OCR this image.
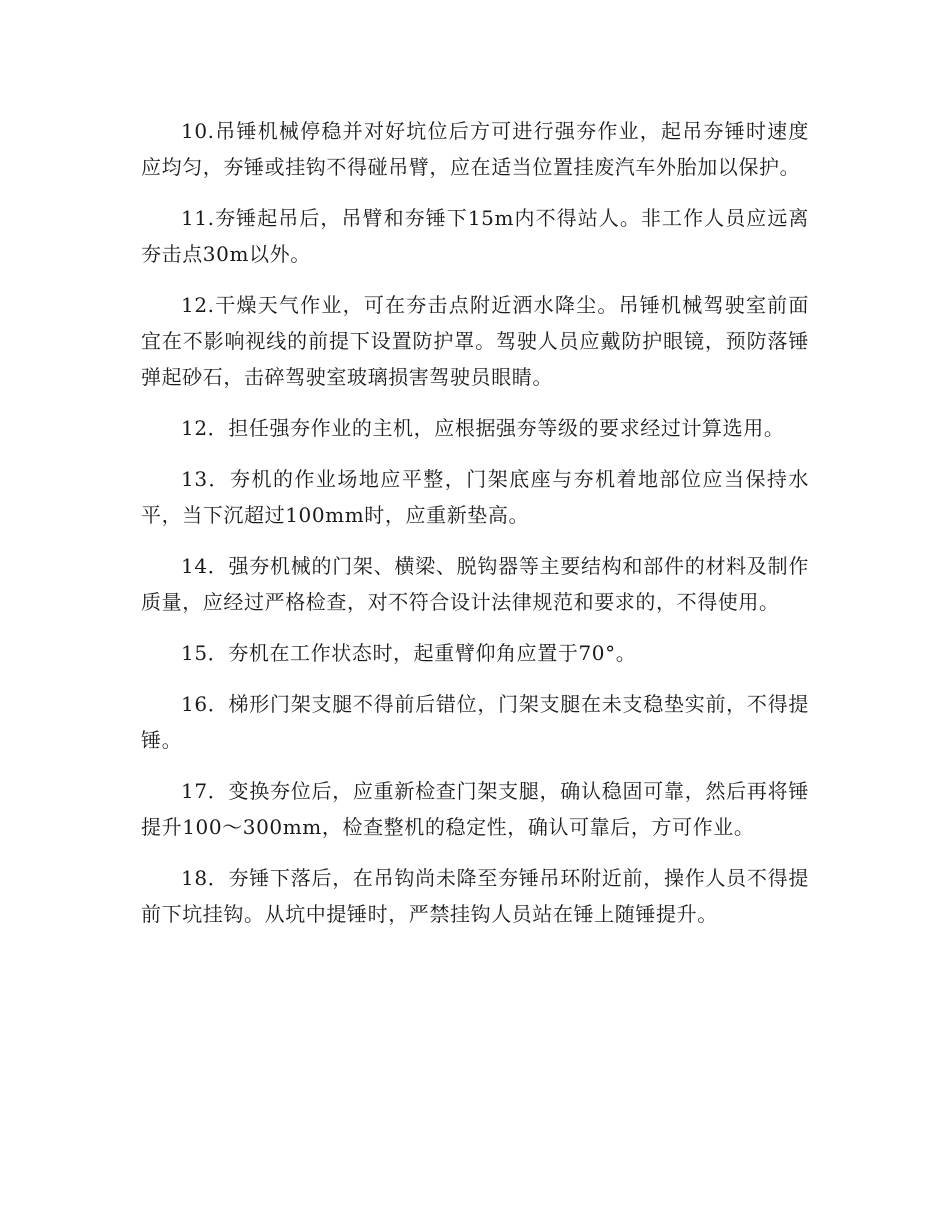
10.吊锤机械停稳并对好坑位后方可进行强夯作业，起吊夯锤时速度应均匀，夯锤或挂钩不得碰吊臂，应在适当位置挂废汽车外胎加以保护。

11.夯锤起吊后，吊臂和夯锤下15m内不得站人。非工作人员应远离夯击点30m以外。

12.干燥天气作业，可在夯击点附近洒水降尘。吊锤机械驾驶室前面宜在不影响视线的前提下设置防护罩。驾驶人员应戴防护眼镜，预防落锤弹起砂石，击碎驾驶室玻璃损害驾驶员眼睛。

12．担任强夯作业的主机，应根据强夯等级的要求经过计算选用。

13．夯机的作业场地应平整，门架底座与夯机着地部位应当保持水平，当下沉超过100mm时，应重新垫高。

14．强夯机械的门架、横梁、脱钩器等主要结构和部件的材料及制作质量，应经过严格检查，对不符合设计法律规范和要求的，不得使用。

15．夯机在工作状态时，起重臂仰角应置于70°。

16．梯形门架支腿不得前后错位，门架支腿在未支稳垫实前，不得提锤。

17．变换夯位后，应重新检查门架支腿，确认稳固可靠，然后再将锤提升100～300mm，检查整机的稳定性，确认可靠后，方可作业。

18．夯锤下落后，在吊钩尚未降至夯锤吊环附近前，操作人员不得提前下坑挂钩。从坑中提锤时，严禁挂钩人员站在锤上随锤提升。
